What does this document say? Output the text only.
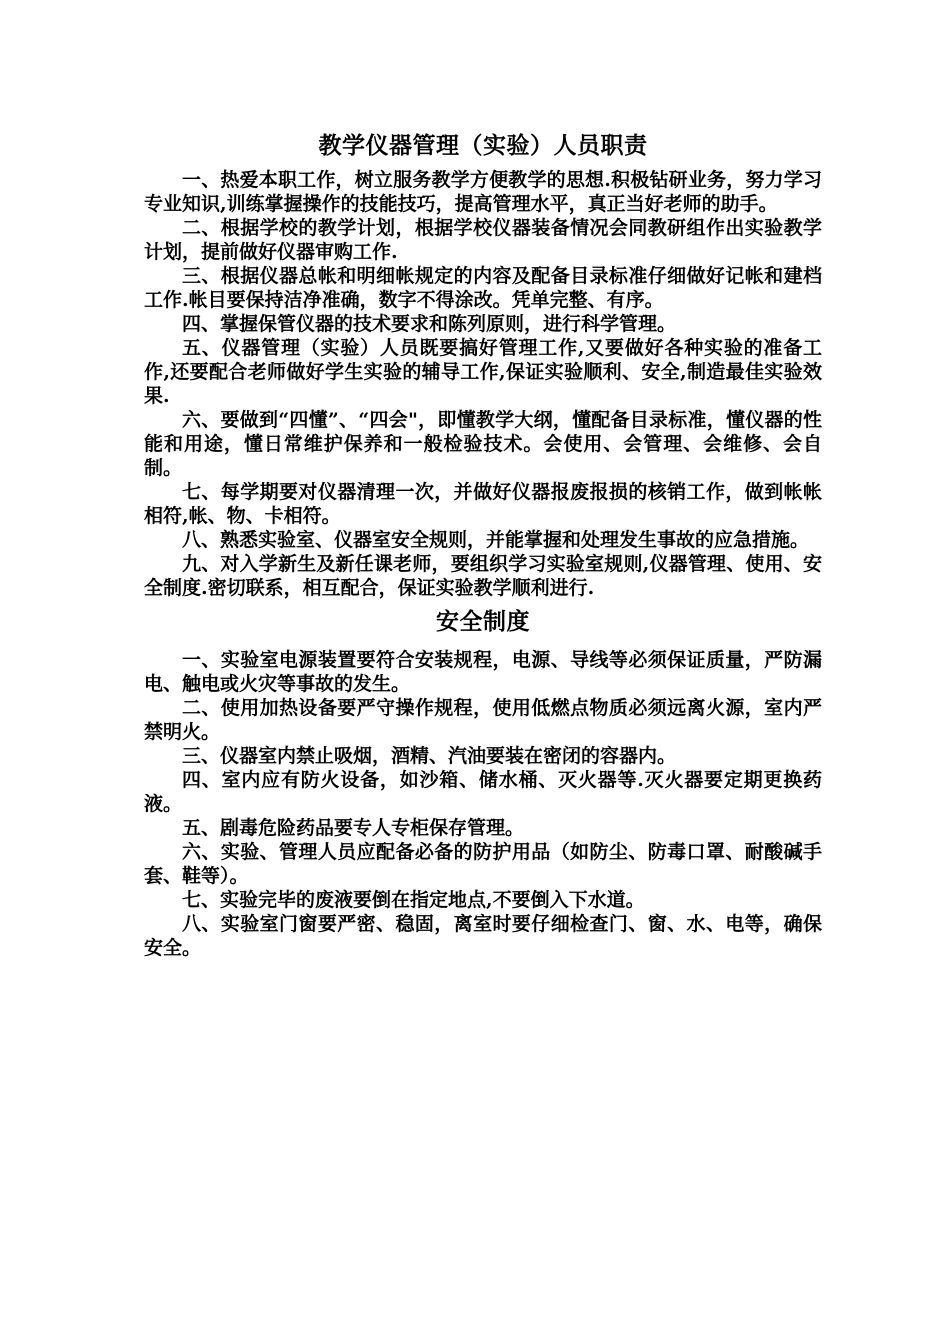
教学仪器管理（实验）人员职责

一、热爱本职工作，树立服务教学方便教学的思想.积极钻研业务，努力学习专业知识,训练掌握操作的技能技巧，提高管理水平，真正当好老师的助手。

二、根据学校的教学计划，根据学校仪器装备情况会同教研组作出实验教学计划，提前做好仪器审购工作.

三、根据仪器总帐和明细帐规定的内容及配备目录标准仔细做好记帐和建档工作.帐目要保持洁净准确，数字不得涂改。凭单完整、有序。

四、掌握保管仪器的技术要求和陈列原则，进行科学管理。

五、仪器管理（实验）人员既要搞好管理工作,又要做好各种实验的准备工作,还要配合老师做好学生实验的辅导工作,保证实验顺利、安全,制造最佳实验效果.

六、要做到“四懂”、“四会"，即懂教学大纲，懂配备目录标准，懂仪器的性能和用途，懂日常维护保养和一般检验技术。会使用、会管理、会维修、会自制。

七、每学期要对仪器清理一次，并做好仪器报废报损的核销工作，做到帐帐相符,帐、物、卡相符。

八、熟悉实验室、仪器室安全规则，并能掌握和处理发生事故的应急措施。

九、对入学新生及新任课老师，要组织学习实验室规则,仪器管理、使用、安全制度.密切联系，相互配合，保证实验教学顺利进行.

安全制度

一、实验室电源装置要符合安装规程，电源、导线等必须保证质量，严防漏电、触电或火灾等事故的发生。

二、使用加热设备要严守操作规程，使用低燃点物质必须远离火源，室内严禁明火。

三、仪器室内禁止吸烟，酒精、汽油要装在密闭的容器内。

四、室内应有防火设备，如沙箱、储水桶、灭火器等.灭火器要定期更换药液。

五、剧毒危险药品要专人专柜保存管理。

六、实验、管理人员应配备必备的防护用品（如防尘、防毒口罩、耐酸碱手套、鞋等）。

七、实验完毕的废液要倒在指定地点,不要倒入下水道。

八、实验室门窗要严密、稳固，离室时要仔细检查门、窗、水、电等，确保安全。
